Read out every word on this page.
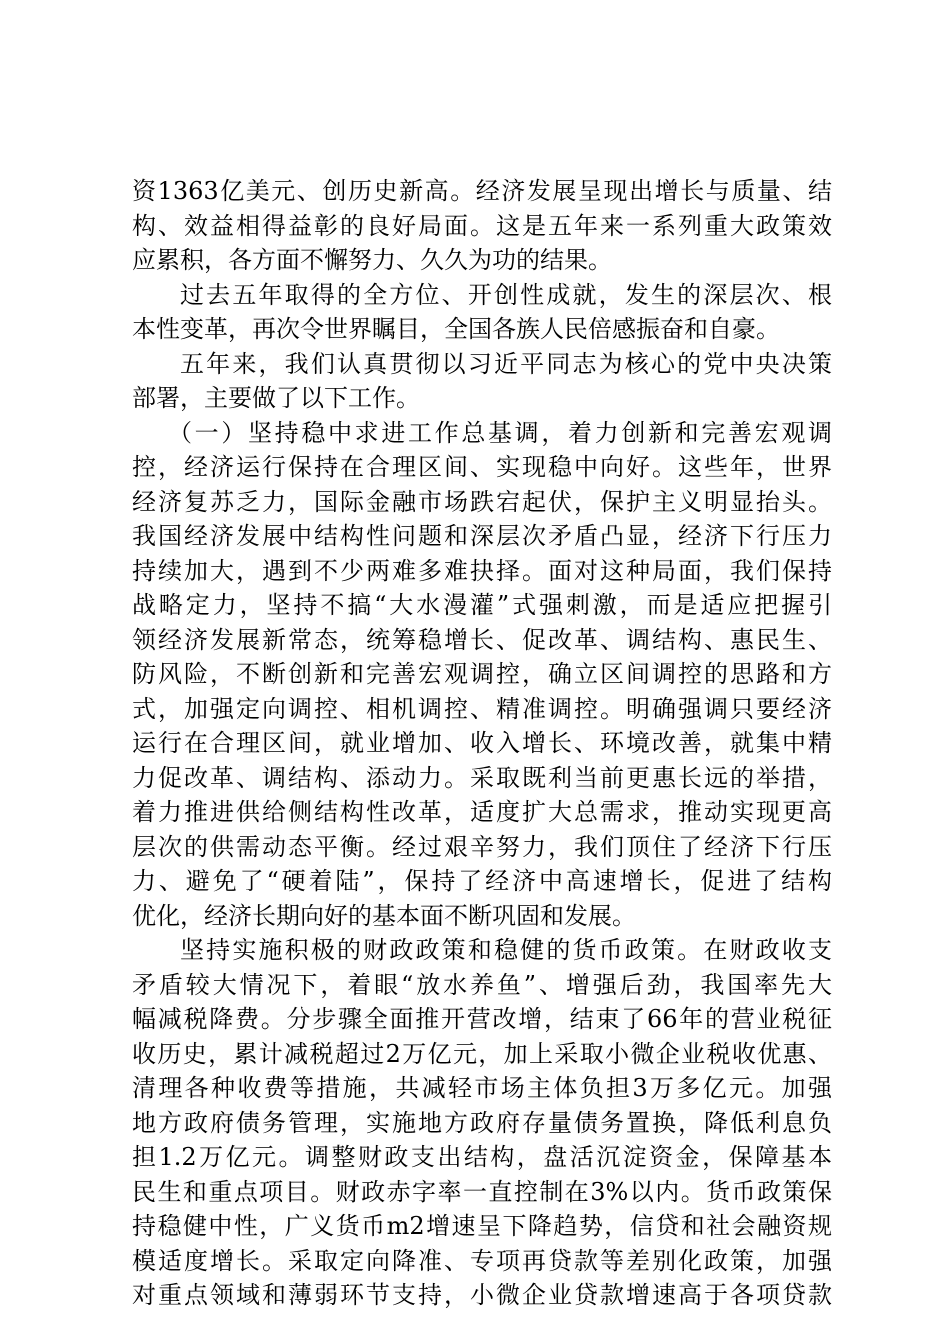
资1363亿美元、创历史新高。经济发展呈现出增长与质量、结
构、效益相得益彰的良好局面。这是五年来一系列重大政策效
应累积，各方面不懈努力、久久为功的结果。
过去五年取得的全方位、开创性成就，发生的深层次、根
本性变革，再次令世界瞩目，全国各族人民倍感振奋和自豪。
五年来，我们认真贯彻以习近平同志为核心的党中央决策
部署，主要做了以下工作。
（一）坚持稳中求进工作总基调，着力创新和完善宏观调
控，经济运行保持在合理区间、实现稳中向好。这些年，世界
经济复苏乏力，国际金融市场跌宕起伏，保护主义明显抬头。
我国经济发展中结构性问题和深层次矛盾凸显，经济下行压力
持续加大，遇到不少两难多难抉择。面对这种局面，我们保持
战略定力，坚持不搞“大水漫灌”式强刺激，而是适应把握引
领经济发展新常态，统筹稳增长、促改革、调结构、惠民生、
防风险，不断创新和完善宏观调控，确立区间调控的思路和方
式，加强定向调控、相机调控、精准调控。明确强调只要经济
运行在合理区间，就业增加、收入增长、环境改善，就集中精
力促改革、调结构、添动力。采取既利当前更惠长远的举措，
着力推进供给侧结构性改革，适度扩大总需求，推动实现更高
层次的供需动态平衡。经过艰辛努力，我们顶住了经济下行压
力、避免了“硬着陆”，保持了经济中高速增长，促进了结构
优化，经济长期向好的基本面不断巩固和发展。
坚持实施积极的财政政策和稳健的货币政策。在财政收支
矛盾较大情况下，着眼“放水养鱼”、增强后劲，我国率先大
幅减税降费。分步骤全面推开营改增，结束了66年的营业税征
收历史，累计减税超过2万亿元，加上采取小微企业税收优惠、
清理各种收费等措施，共减轻市场主体负担3万多亿元。加强
地方政府债务管理，实施地方政府存量债务置换，降低利息负
担1.2万亿元。调整财政支出结构，盘活沉淀资金，保障基本
民生和重点项目。财政赤字率一直控制在3%以内。货币政策保
持稳健中性，广义货币m2增速呈下降趋势，信贷和社会融资规
模适度增长。采取定向降准、专项再贷款等差别化政策，加强
对重点领域和薄弱环节支持，小微企业贷款增速高于各项贷款
